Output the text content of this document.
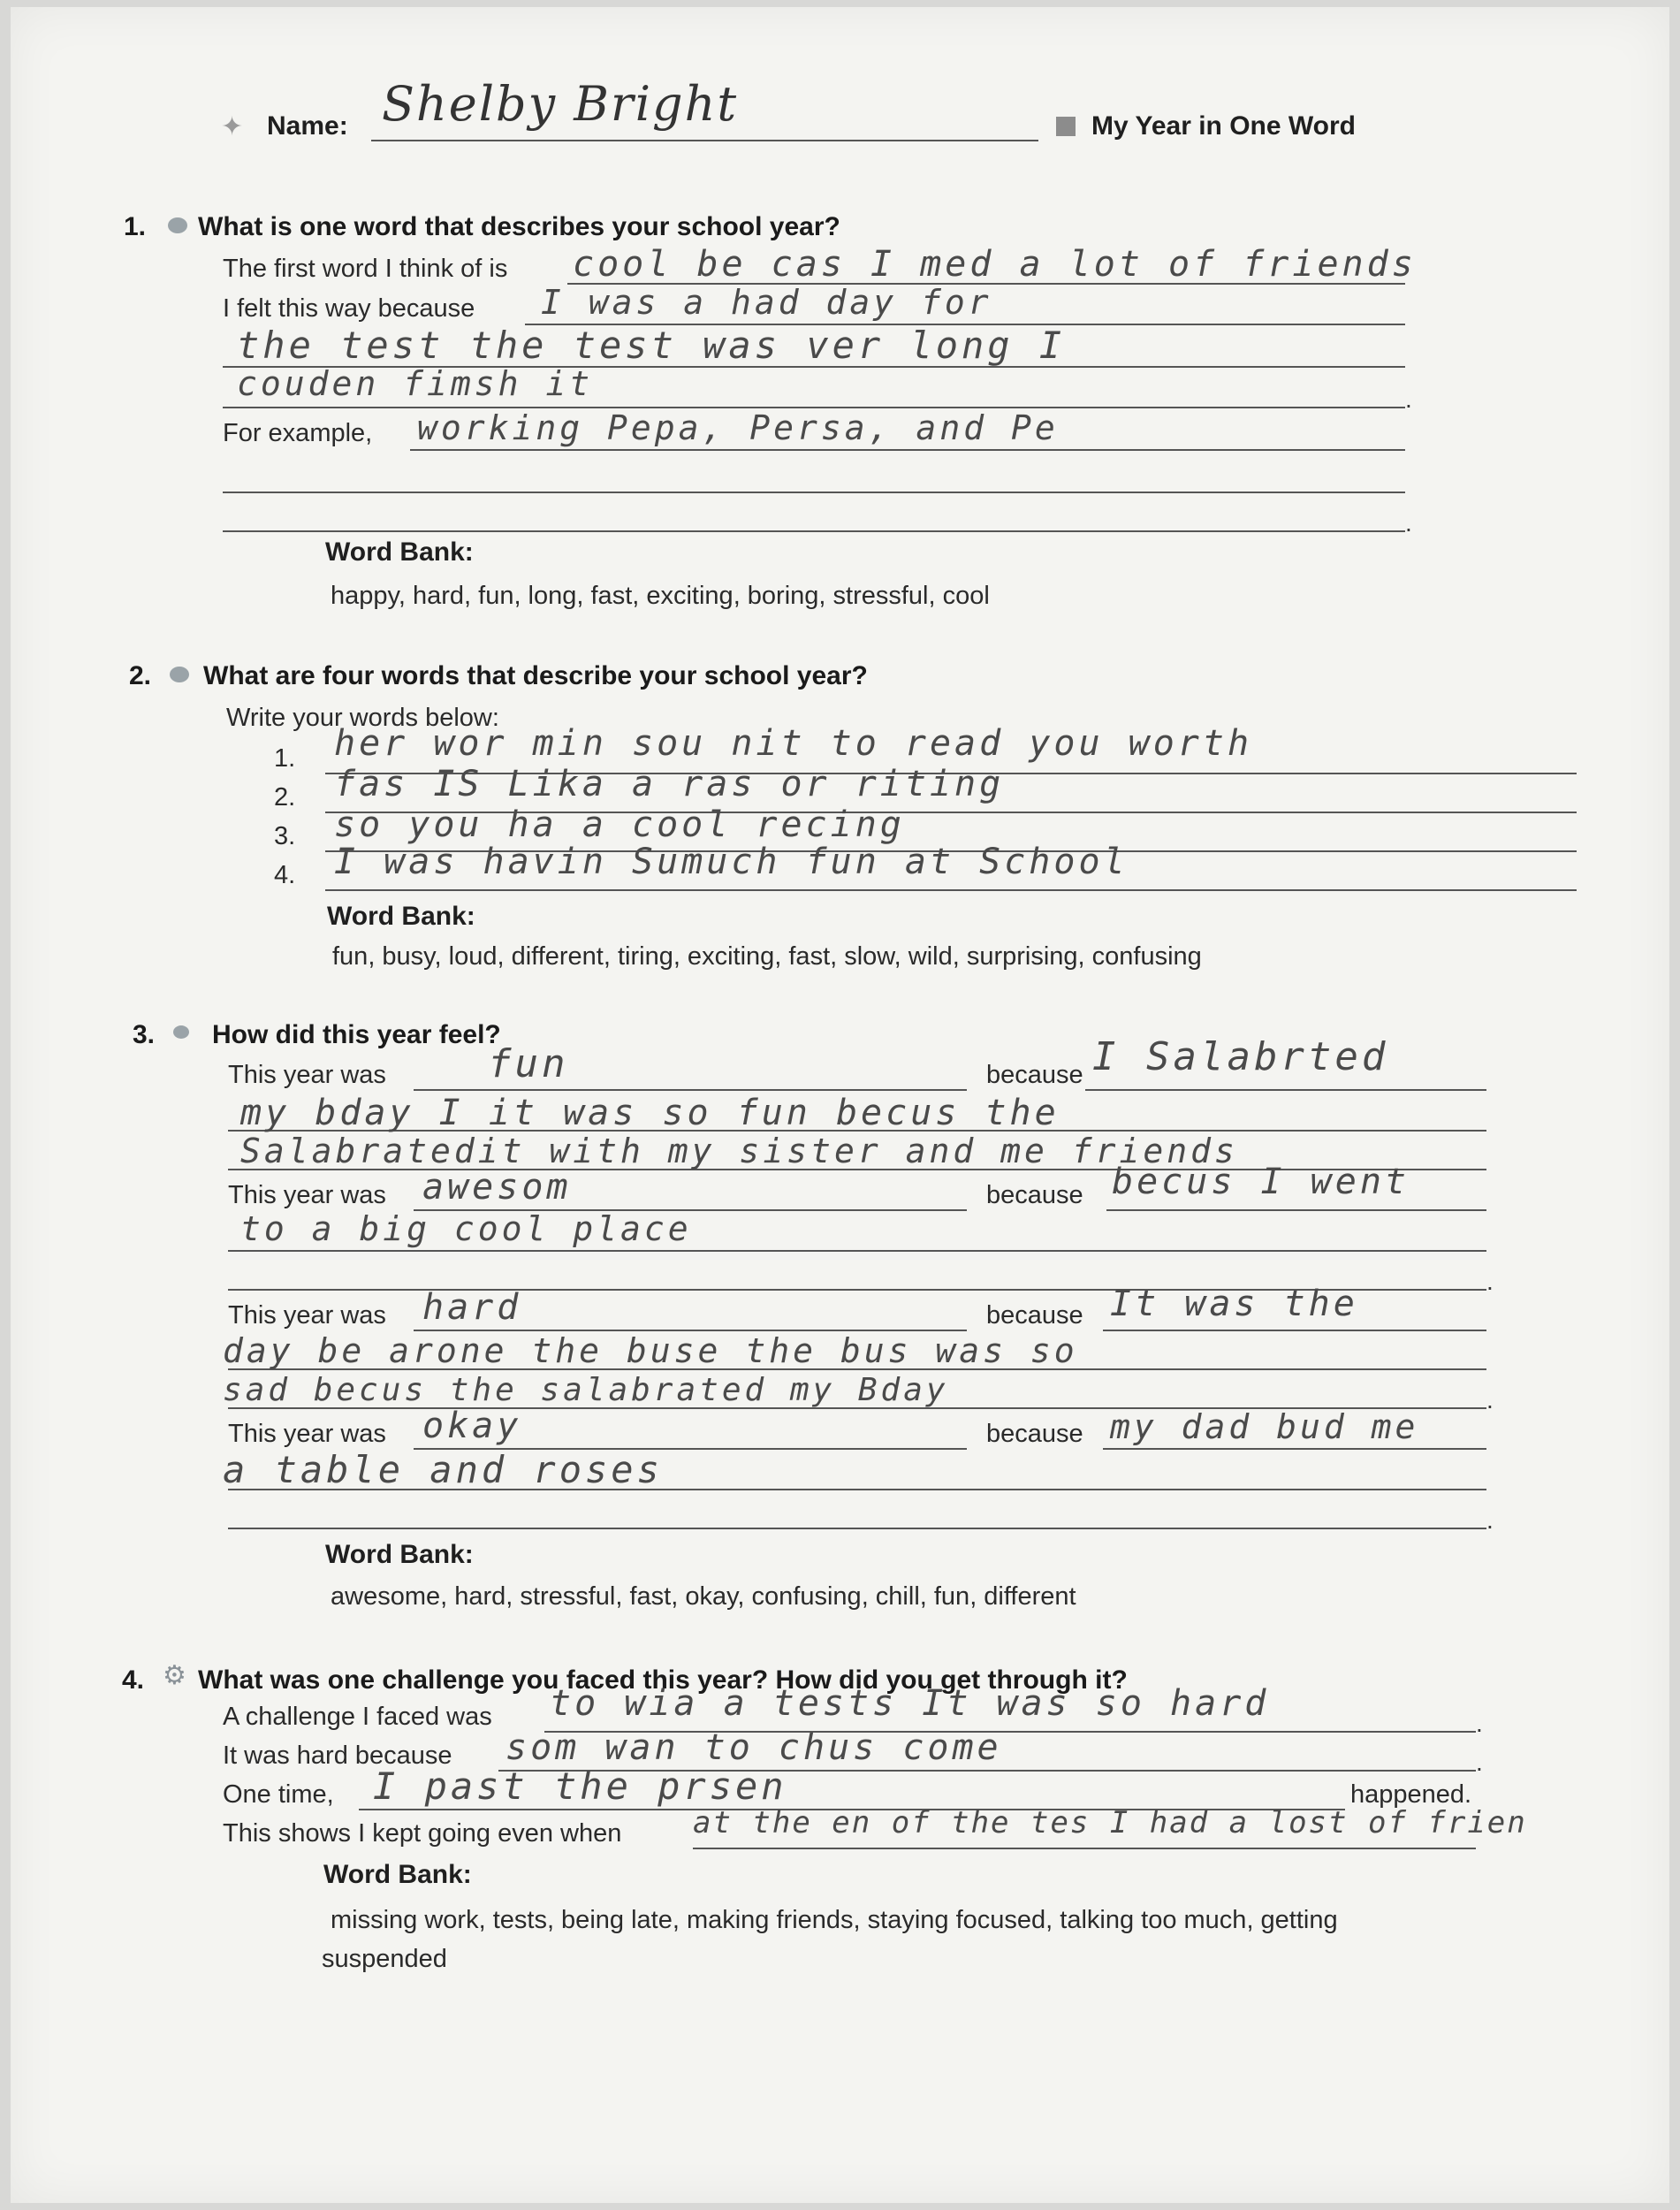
✦ Name: Shelby Bright	My Year in One Word
1. What is one word that describes your school year?
The first word I think of is cool be cas I med a lot of friends
I felt this way because I was a had day for
the test the test was ver long I
couden fimsh it	.
For example, working Pepa, Persa, and Pe
.
Word Bank:
happy, hard, fun, long, fast, exciting, boring, stressful, cool
2. What are four words that describe your school year?
Write your words below:
1. her wor min sou nit to read you worth
2. fas IS Lika a ras or riting
3. so you ha a cool recing
4. I was havin Sumuch fun at School
Word Bank:
fun, busy, loud, different, tiring, exciting, fast, slow, wild, surprising, confusing
3. How did this year feel?
This year was	fun	because I Salabrted
my bday I it was so fun becus the
Salabratedit with my sister and me friends
This year was awesom	because becus I went
to a big cool place
.
This year was hard	because It was the
day be arone the buse the bus was so
sad becus the salabrated my Bday	.
This year was okay	because my dad bud me
a table and roses
.
Word Bank:
awesome, hard, stressful, fast, okay, confusing, chill, fun, different
4. ⚙ What was one challenge you faced this year? How did you get through it?
A challenge I faced was to wia a tests It was so hard	.
It was hard because som wan to chus come	.
One time, I past the prsen	happened.
This shows I kept going even when at the en of the tes I had a lost of frien
Word Bank:
missing work, tests, being late, making friends, staying focused, talking too much, getting
suspended
